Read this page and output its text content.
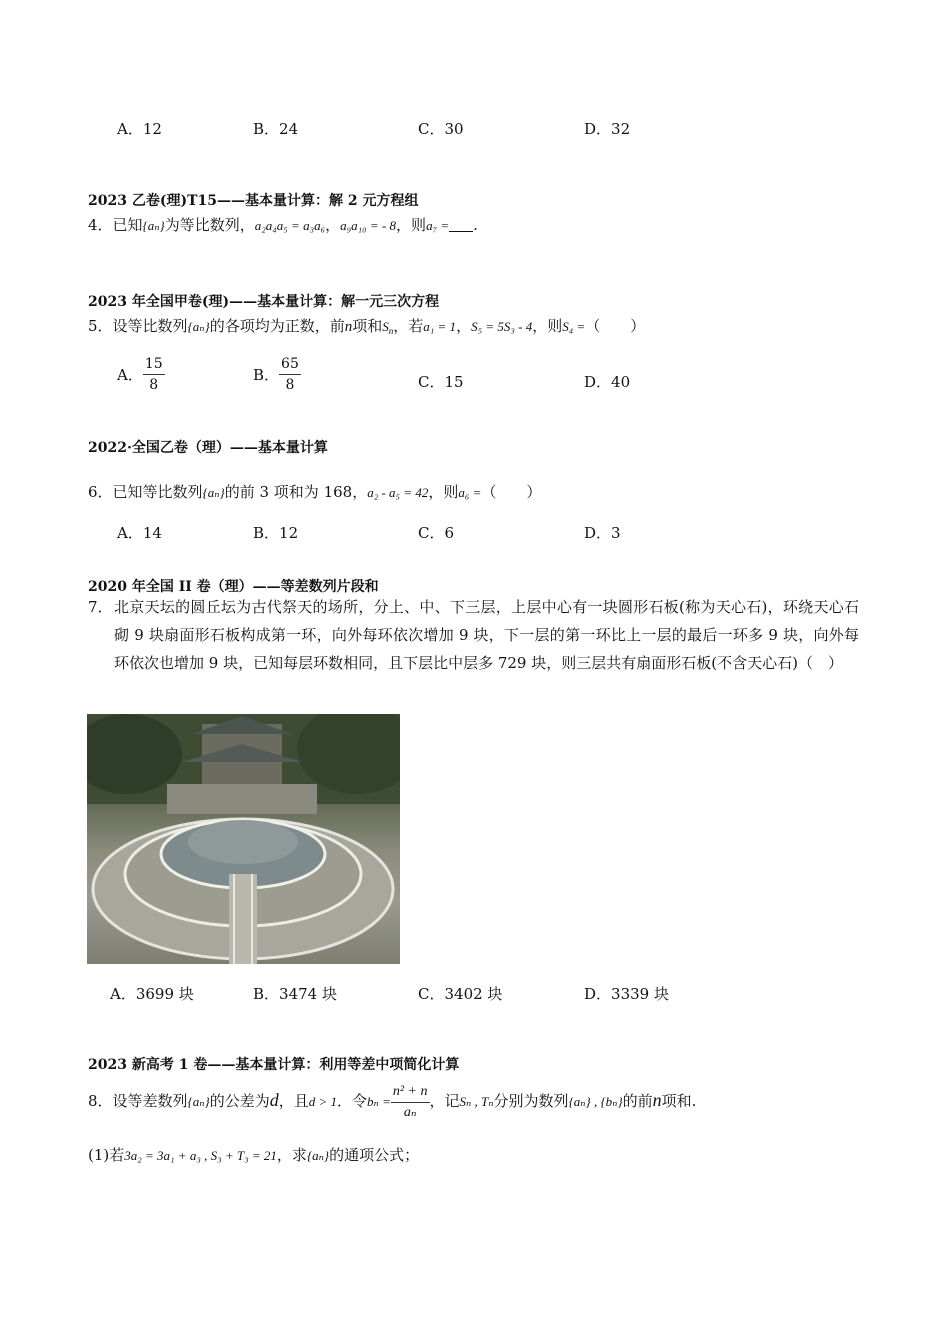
A．12	B．24	C．30	D．32
2023 乙卷(理)T15——基本量计算：解 2 元方程组
4．已知{aₙ}为等比数列，a₂a₄a₅ = a₃a₆，a₉a₁₀ = - 8，则a₇ = .
2023 年全国甲卷(理)——基本量计算：解一元三次方程
5．设等比数列{aₙ}的各项均为正数，前n项和$S_n$，若a₁ = 1，S₅ = 5S₃ - 4，则S₄ =（　　）
A． $\frac{15}{8}$	B． $\frac{65}{8}$	C．15	D．40
2022·全国乙卷（理）——基本量计算
6．已知等比数列{aₙ}的前 3 项和为 168，a₂ - a₅ = 42，则a₆ =（　　）
A．14	B．12	C．6	D．3
2020 年全国 II 卷（理）——等差数列片段和
7． 北京天坛的圆丘坛为古代祭天的场所，分上、中、下三层，上层中心有一块圆形石板(称为天心石)，环绕天心石砌 9 块扇面形石板构成第一环，向外每环依次增加 9 块，下一层的第一环比上一层的最后一环多 9 块，向外每环依次也增加 9 块，已知每层环数相同，且下层比中层多 729 块，则三层共有扇面形石板(不含天心石)（　）
A．3699 块	B．3474 块	C．3402 块	D．3339 块
2023 新高考 1 卷——基本量计算：利用等差中项简化计算
8．设等差数列{aₙ}的公差为d，且d > 1．令$b_n = \frac{\text{n² + n}}{\text{aₙ}}$ ，记Sₙ , Tₙ分别为数列{aₙ} , {bₙ}的前n项和.
(1)若3a₂ = 3a₁ + a₃ , S₃ + T₃ = 21，求{aₙ}的通项公式；
